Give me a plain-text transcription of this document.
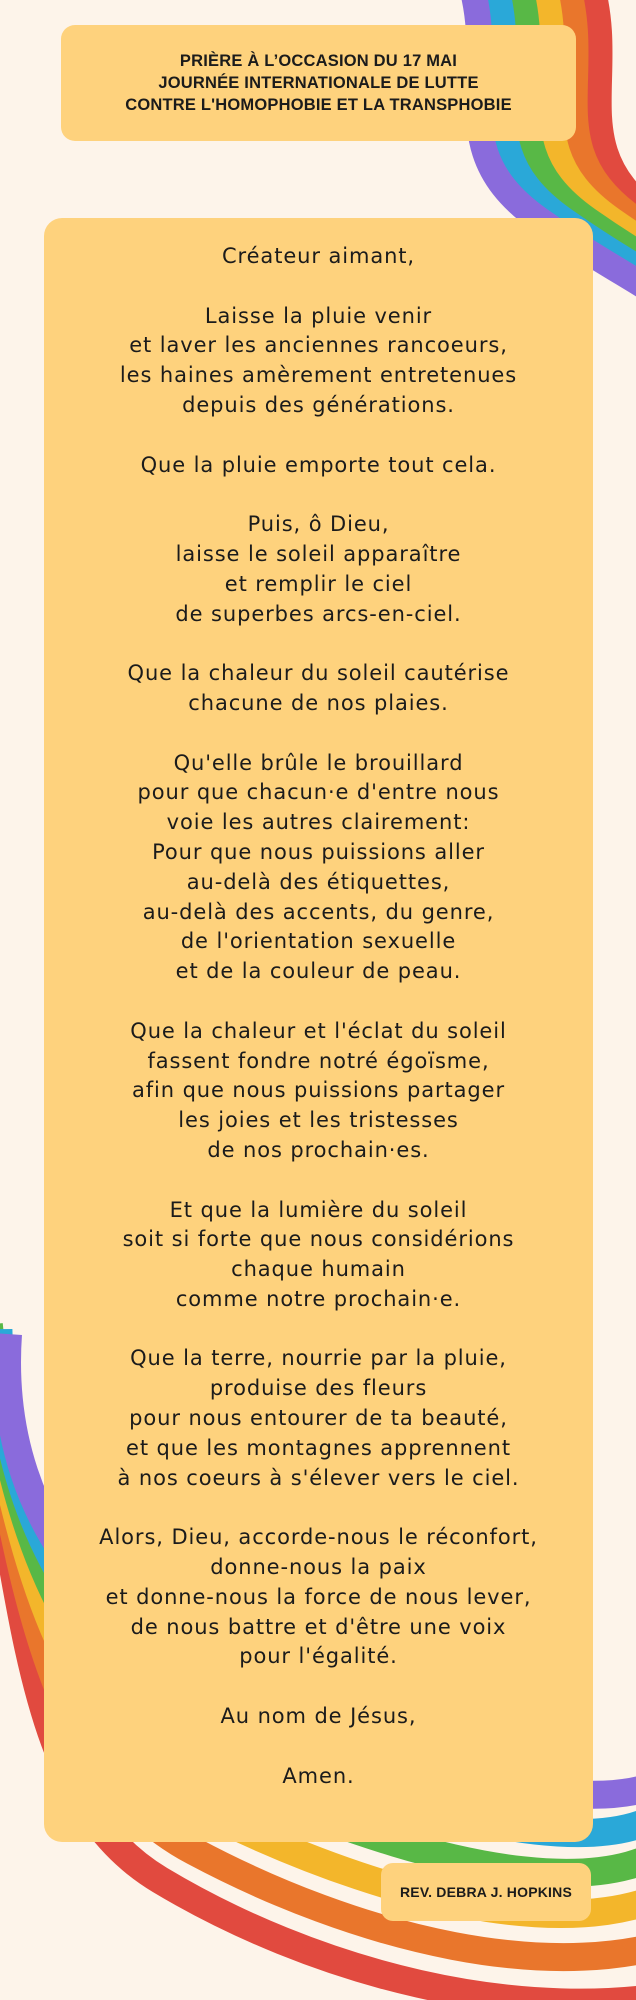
PRIÈRE À L’OCCASION DU 17 MAI
JOURNÉE INTERNATIONALE DE LUTTE
CONTRE L'HOMOPHOBIE ET LA TRANSPHOBIE
Créateur aimant,
Laisse la pluie venir
et laver les anciennes rancoeurs,
les haines amèrement entretenues
depuis des générations.
Que la pluie emporte tout cela.
Puis, ô Dieu,
laisse le soleil apparaître
et remplir le ciel
de superbes arcs-en-ciel.
Que la chaleur du soleil cautérise
chacune de nos plaies.
Qu'elle brûle le brouillard
pour que chacun·e d'entre nous
voie les autres clairement:
Pour que nous puissions aller
au-delà des étiquettes,
au-delà des accents, du genre,
de l'orientation sexuelle
et de la couleur de peau.
Que la chaleur et l'éclat du soleil
fassent fondre notré égoïsme,
afin que nous puissions partager
les joies et les tristesses
de nos prochain·es.
Et que la lumière du soleil
soit si forte que nous considérions
chaque humain
comme notre prochain·e.
Que la terre, nourrie par la pluie,
produise des fleurs
pour nous entourer de ta beauté,
et que les montagnes apprennent
à nos coeurs à s'élever vers le ciel.
Alors, Dieu, accorde-nous le réconfort,
donne-nous la paix
et donne-nous la force de nous lever,
de nous battre et d'être une voix
pour l'égalité.
Au nom de Jésus,
Amen.
REV. DEBRA J. HOPKINS
